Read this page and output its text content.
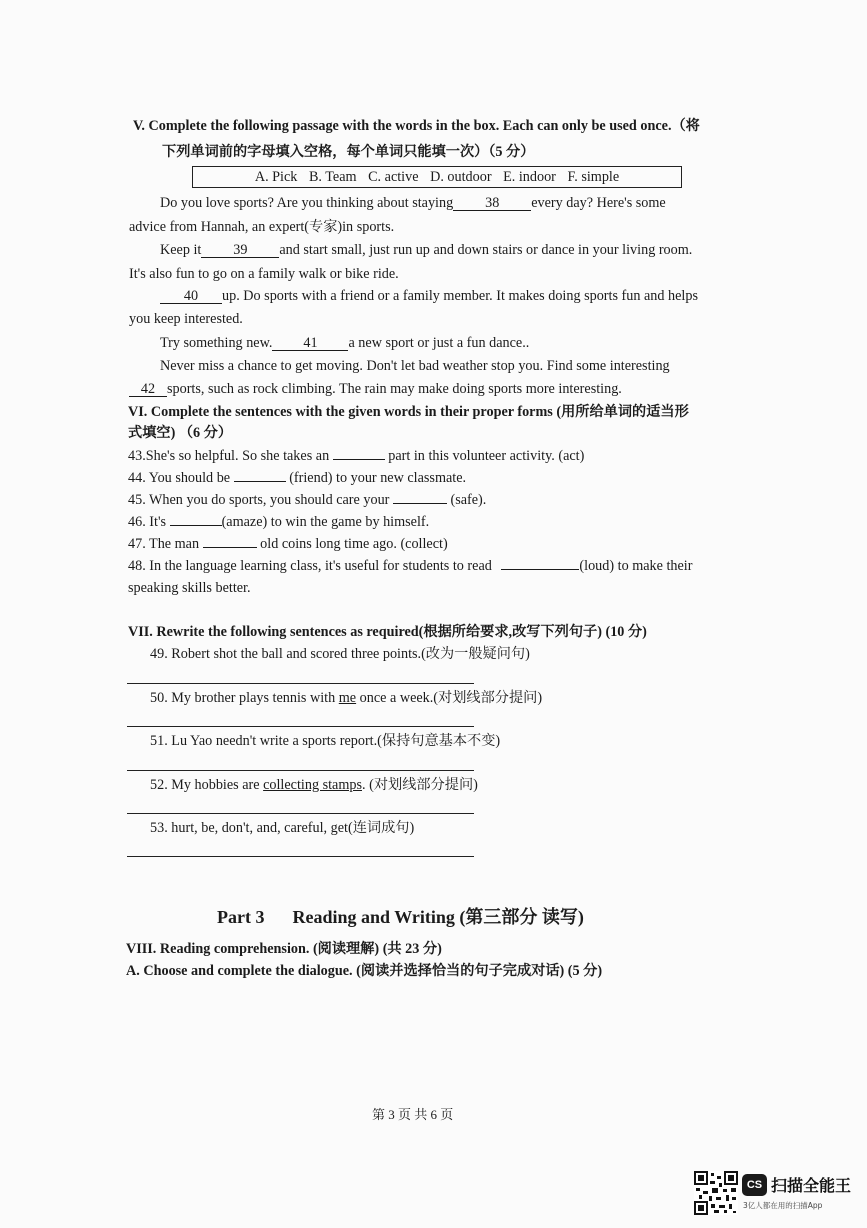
V. Complete the following passage with the words in the box. Each can only be used once.（将
下列单词前的字母填入空格，每个单词只能填一次）（5 分）
A. Pick B. Team C. active D. outdoor E. indoor F. simple
Do you love sports? Are you thinking about staying 38 every day? Here's some
advice from Hannah, an expert(专家)in sports.
Keep it 39 and start small, just run up and down stairs or dance in your living room.
It's also fun to go on a family walk or bike ride.
40 up. Do sports with a friend or a family member. It makes doing sports fun and helps
you keep interested.
Try something new. 41 a new sport or just a fun dance..
Never miss a chance to get moving. Don't let bad weather stop you. Find some interesting
42 sports, such as rock climbing. The rain may make doing sports more interesting.
VI. Complete the sentences with the given words in their proper forms (用所给单词的适当形
式填空) （6 分）
43.She's so helpful. So she takes an	part in this volunteer activity. (act)
44. You should be	(friend) to your new classmate.
45. When you do sports, you should care your	(safe).
46. It's	(amaze) to win the game by himself.
47. The man	old coins long time ago. (collect)
48. In the language learning class, it's useful for students to read	(loud) to make their
speaking skills better.
VII. Rewrite the following sentences as required(根据所给要求,改写下列句子) (10 分)
49. Robert shot the ball and scored three points.(改为一般疑问句)
50. My brother plays tennis with me once a week.(对划线部分提问)
51. Lu Yao needn't write a sports report.(保持句意基本不变)
52. My hobbies are collecting stamps. (对划线部分提问)
53. hurt, be, don't, and, careful, get(连词成句)
Part 3 Reading and Writing (第三部分 读写)
VIII. Reading comprehension. (阅读理解) (共 23 分)
A. Choose and complete the dialogue. (阅读并选择恰当的句子完成对话) (5 分)
第 3 页 共 6 页
CS 扫描全能王
3亿人都在用的扫描App
